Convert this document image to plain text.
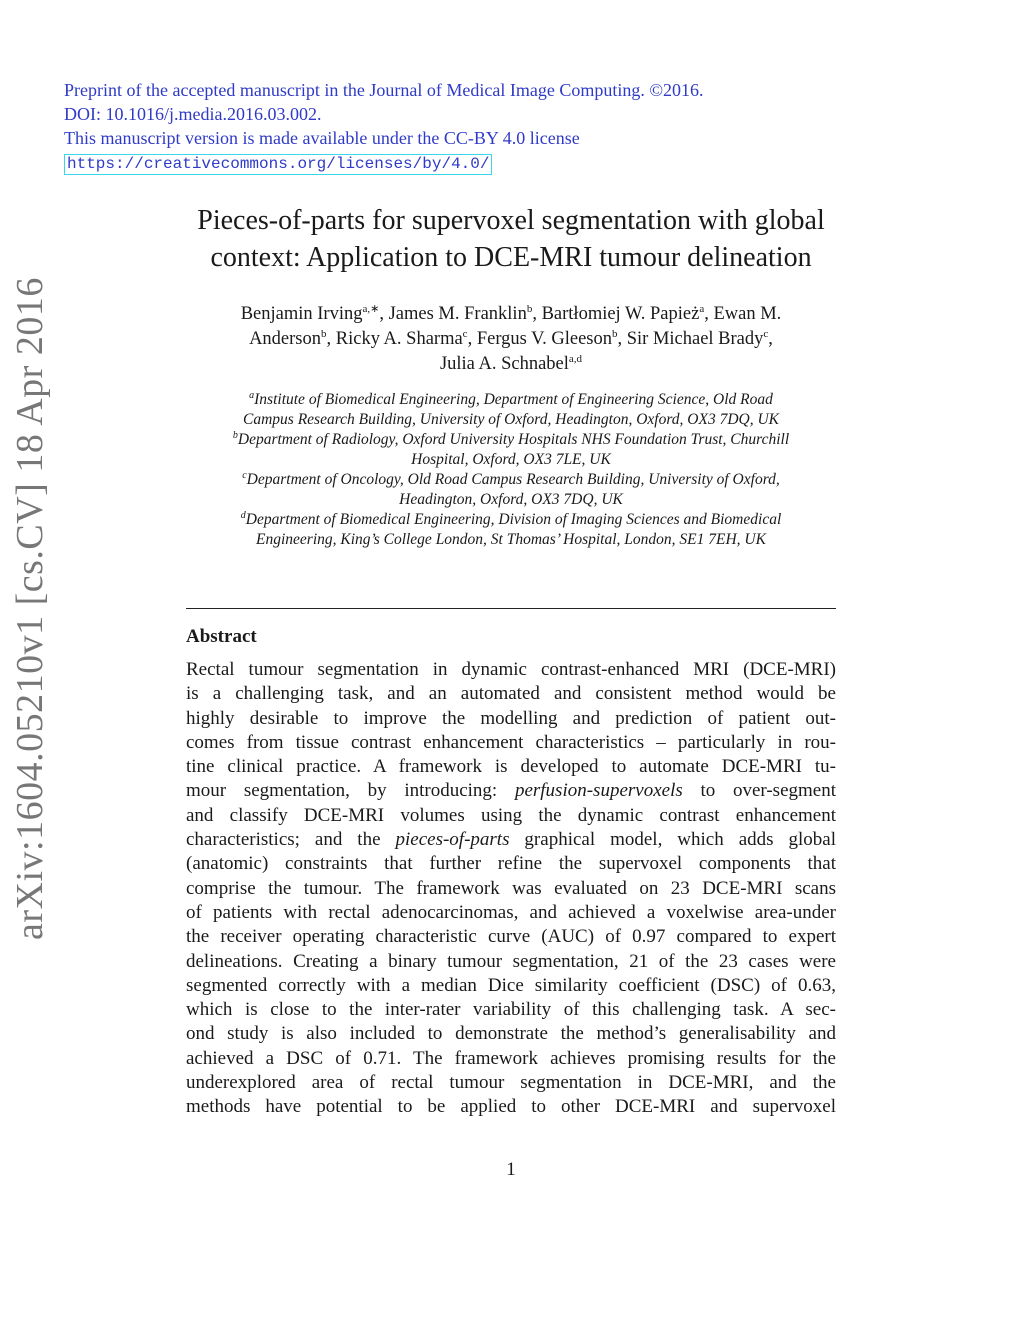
Preprint of the accepted manuscript in the Journal of Medical Image Computing. ©2016.
DOI: 10.1016/j.media.2016.03.002.
This manuscript version is made available under the CC-BY 4.0 license
https://creativecommons.org/licenses/by/4.0/
arXiv:1604.05210v1 [cs.CV] 18 Apr 2016
Pieces-of-parts for supervoxel segmentation with global
context: Application to DCE-MRI tumour delineation
Benjamin Irving$^{a,∗}$, James M. Franklin$^b$, Bartłomiej W. Papież$^a$, Ewan M.
Anderson$^b$, Ricky A. Sharma$^c$, Fergus V. Gleeson$^b$, Sir Michael Brady$^c$,
Julia A. Schnabel$^{a,d}$
$^a$Institute of Biomedical Engineering, Department of Engineering Science, Old Road
Campus Research Building, University of Oxford, Headington, Oxford, OX3 7DQ, UK
$^b$Department of Radiology, Oxford University Hospitals NHS Foundation Trust, Churchill
Hospital, Oxford, OX3 7LE, UK
$^c$Department of Oncology, Old Road Campus Research Building, University of Oxford,
Headington, Oxford, OX3 7DQ, UK
$^d$Department of Biomedical Engineering, Division of Imaging Sciences and Biomedical
Engineering, King’s College London, St Thomas’ Hospital, London, SE1 7EH, UK
Abstract
Rectal tumour segmentation in dynamic contrast-enhanced MRI (DCE-MRI)
is a challenging task, and an automated and consistent method would be
highly desirable to improve the modelling and prediction of patient out-
comes from tissue contrast enhancement characteristics – particularly in rou-
tine clinical practice. A framework is developed to automate DCE-MRI tu-
mour segmentation, by introducing: perfusion-supervoxels to over-segment
and classify DCE-MRI volumes using the dynamic contrast enhancement
characteristics; and the pieces-of-parts graphical model, which adds global
(anatomic) constraints that further refine the supervoxel components that
comprise the tumour. The framework was evaluated on 23 DCE-MRI scans
of patients with rectal adenocarcinomas, and achieved a voxelwise area-under
the receiver operating characteristic curve (AUC) of 0.97 compared to expert
delineations. Creating a binary tumour segmentation, 21 of the 23 cases were
segmented correctly with a median Dice similarity coefficient (DSC) of 0.63,
which is close to the inter-rater variability of this challenging task. A sec-
ond study is also included to demonstrate the method’s generalisability and
achieved a DSC of 0.71. The framework achieves promising results for the
underexplored area of rectal tumour segmentation in DCE-MRI, and the
methods have potential to be applied to other DCE-MRI and supervoxel
1
